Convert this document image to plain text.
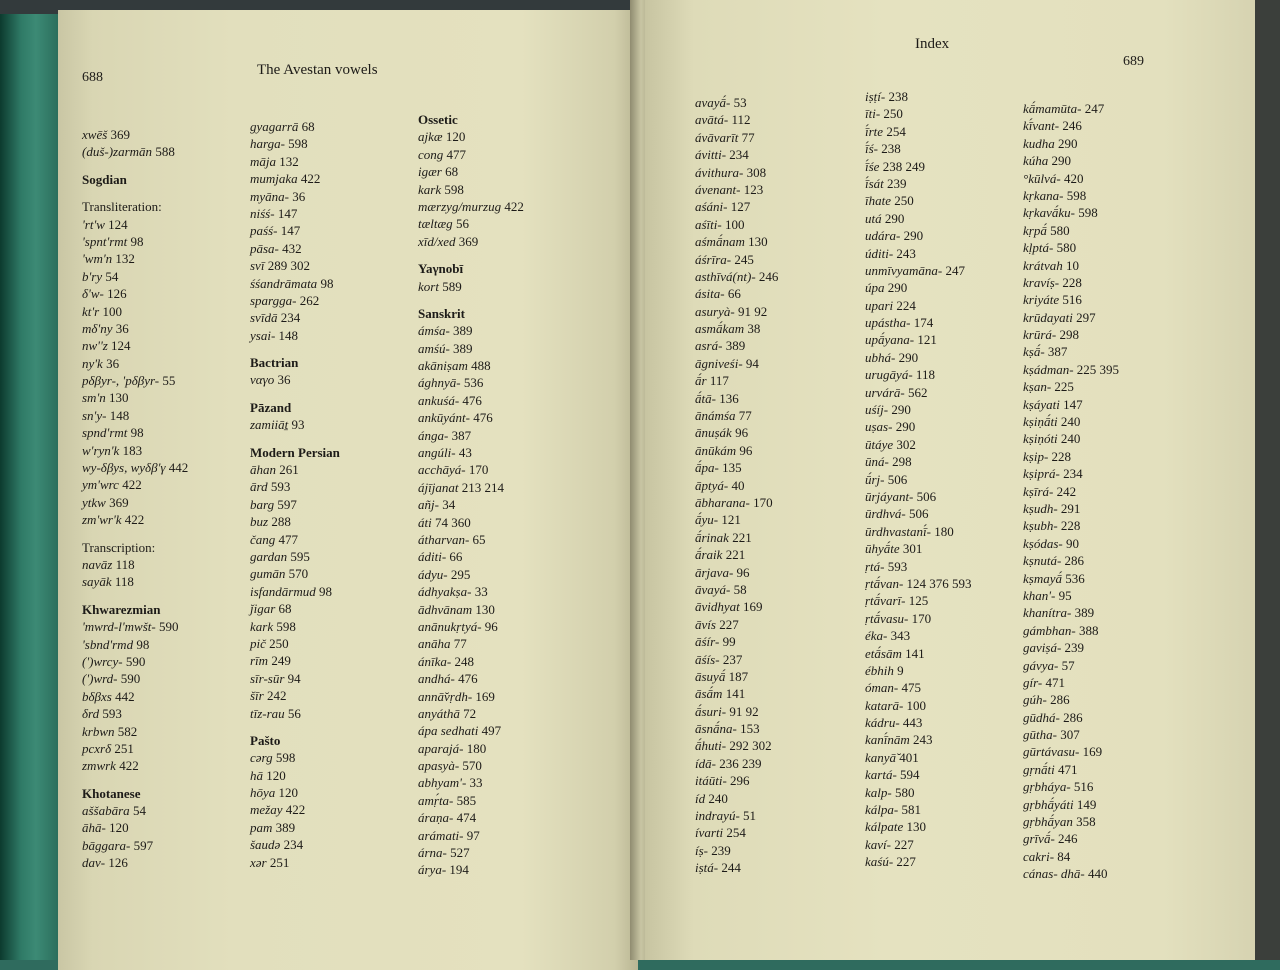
688	The Avestan vowels
xwēš 369
(duš-)zarmān 588
Sogdian
Transliteration:
'rt'w 124
'spnt'rmt 98
'wm'n 132
b'ry 54
δ'w- 126
kt'r 100
mδ'ny 36
nw''z 124
ny'k 36
pδβyr-, 'pδβyr- 55
sm'n 130
sn'y- 148
spnd'rmt 98
w'ryn'k 183
wy-δβys, wyδβ'γ 442
ym'wrc 422
ytkw 369
zm'wr'k 422
Transcription:
navāz 118
sayāk 118
Khwarezmian
'mwrd-l'mwšt- 590
'sbnd'rmd 98
(')wrcy- 590
(')wrd- 590
bδβxs 442
δrd 593
krbwn 582
pcxrδ 251
zmwrk 422
Khotanese
aššabāra 54
āhā- 120
bāggara- 597
dav- 126
gyagarrā 68
harga- 598
māja 132
mumjaka 422
myāna- 36
niśś- 147
paśś- 147
pāsa- 432
svī 289 302
śśandrāmata 98
spargga- 262
svīdā 234
ysai- 148
Bactrian
ναγο 36
Pāzand
zamiiāṯ 93
Modern Persian
āhan 261
ārd 593
barg 597
buz 288
čang 477
gardan 595
gumān 570
isfandārmud 98
ǰigar 68
kark 598
pič 250
rīm 249
sīr-sūr 94
šīr 242
tīz-rau 56
Pašto
cərg 598
hā 120
hōya 120
mežay 422
pam 389
šaudə 234
xər 251
Ossetic
ajkæ 120
cong 477
igær 68
kark 598
mærzyg/murzug 422
tæltæg 56
xīd/xed 369
Yaγnobī
kort 589
Sanskrit
ámśa- 389
amśú- 389
akāniṣam 488
ághnyā- 536
ankuśá- 476
ankūyánt- 476
ánga- 387
angúli- 43
acchāyá- 170
ájījanat 213 214
añj- 34
áti 74 360
átharvan- 65
áditi- 66
ádyu- 295
ádhyakṣa- 33
ādhvānam 130
anānukṛtyá- 96
anāha 77
ánīka- 248
andhá- 476
annā̆vṛdh- 169
anyáthā 72
ápa sedhati 497
aparajá- 180
apasyà- 570
abhyam'- 33
amṛ́ta- 585
áraṇa- 474
arámati- 97
árna- 527
árya- 194
Index
689
avayā́- 53
avātá- 112
ávāvarīt 77
ávitti- 234
ávithura- 308
ávenant- 123
aśáni- 127
aśīti- 100
aśmā́nam 130
áśrīra- 245
asthīvá(nt)- 246
ásita- 66
asuryà- 91 92
asmā́kam 38
asrá- 389
āgniveśi- 94
ā́r 117
ā́tā- 136
ānámśa 77
ānuṣák 96
ānūkám 96
ā́pa- 135
āptyá- 40
ābharana- 170
ā́yu- 121
ā́rinak 221
ā́raik 221
ārjava- 96
āvayá- 58
āvidhyat 169
āvís 227
āśír- 99
āśís- 237
āsuyā́ 187
āsā́m 141
ā́suri- 91 92
āsnā́na- 153
ā́huti- 292 302
ídā- 236 239
itáūti- 296
íd 240
indrayú- 51
ívarti 254
íṣ- 239
iṣtá- 244
iṣṭí- 238
īti- 250
ī́rte 254
ī́ś- 238
ī́śe 238 249
ī́sát 239
īhate 250
utá 290
udára- 290
úditi- 243
unmīvyamāna- 247
úpa 290
upari 224
upástha- 174
upā́yana- 121
ubhá- 290
urugāyá- 118
urvárā- 562
uśíj- 290
uṣas- 290
ūtáye 302
ūná- 298
ū́rj- 506
ūrjáyant- 506
ūrdhvá- 506
ūrdhvastanī́- 180
ūhyā́te 301
ṛtá- 593
ṛtā́van- 124 376 593
ṛtā́varī- 125
ṛtā́vasu- 170
éka- 343
etā́sām 141
ébhih 9
óman- 475
katarā- 100
kádru- 443
kanī́nām 243
kanyā̆ 401
kartá- 594
kalp- 580
kálpa- 581
kálpate 130
kaví- 227
kaśú- 227
kā́mamūta- 247
kī́vant- 246
kudha 290
kúha 290
°kūlvá- 420
kṛkana- 598
kṛkavā́ku- 598
kṛpā́ 580
kḷptá- 580
krátvah 10
kravíṣ- 228
kriyáte 516
krūdayati 297
krūrá- 298
kṣā́- 387
kṣádman- 225 395
kṣan- 225
kṣáyati 147
kṣiṇā́ti 240
kṣiṇóti 240
kṣip- 228
kṣiprá- 234
kṣīrá- 242
kṣudh- 291
kṣubh- 228
kṣódas- 90
kṣnutá- 286
kṣmayā́ 536
khan'- 95
khanítra- 389
gámbhan- 388
gaviṣá- 239
gávya- 57
gír- 471
gúh- 286
gūdhá- 286
gūtha- 307
gūrtávasu- 169
gṛnā́ti 471
gṛbháya- 516
gṛbhā́yáti 149
gṛbhā́yan 358
grīvā́- 246
cakri- 84
cánas- dhā- 440
